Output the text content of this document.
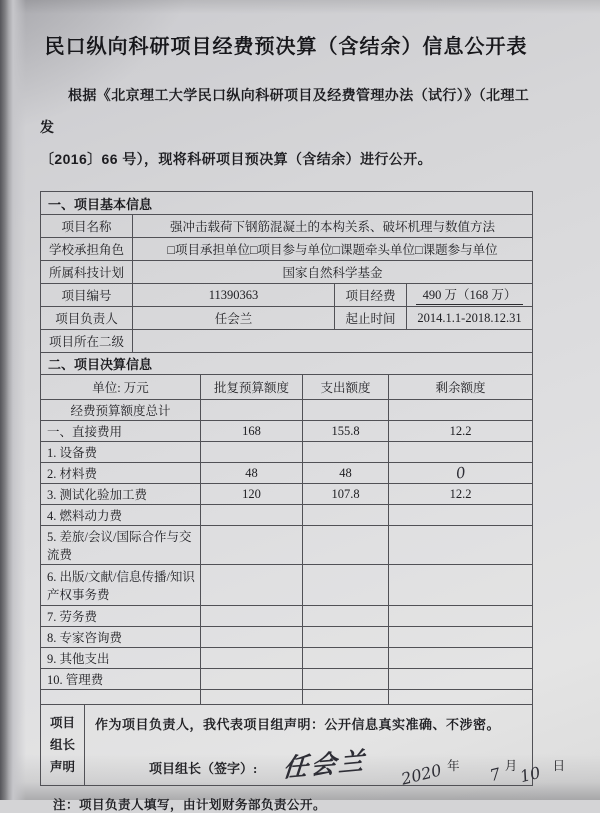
民口纵向科研项目经费预决算（含结余）信息公开表
根据《北京理工大学民口纵向科研项目及经费管理办法（试行）》（北理工发
〔2016〕66 号），现将科研项目预决算（含结余）进行公开。
一、项目基本信息			
项目名称	强冲击载荷下钢筋混凝土的本构关系、破坏机理与数值方法		
学校承担角色	□项目承担单位□项目参与单位□课题牵头单位□课题参与单位		
所属科技计划	国家自然科学基金		
项目编号	11390363	项目经费	490 万（168 万）
项目负责人	任会兰	起止时间	2014.1.1-2018.12.31
项目所在二级			
二、项目决算信息			
单位: 万元	批复预算额度	支出额度	剩余额度
经费预算额度总计			
一、直接费用	168	155.8	12.2
1. 设备费			
2. 材料费	48	48	0
3. 测试化验加工费	120	107.8	12.2
4. 燃料动力费			
5. 差旅/会议/国际合作与交流费			
6. 出版/文献/信息传播/知识产权事务费			
7. 劳务费			
8. 专家咨询费			
9. 其他支出			
10. 管理费			

项目
组长
声明

作为项目负责人，我代表项目组声明：公开信息真实准确、不涉密。
项目组长（签字）: 任会兰 2020 年 7 月 10 日
注：项目负责人填写，由计划财务部负责公开。
